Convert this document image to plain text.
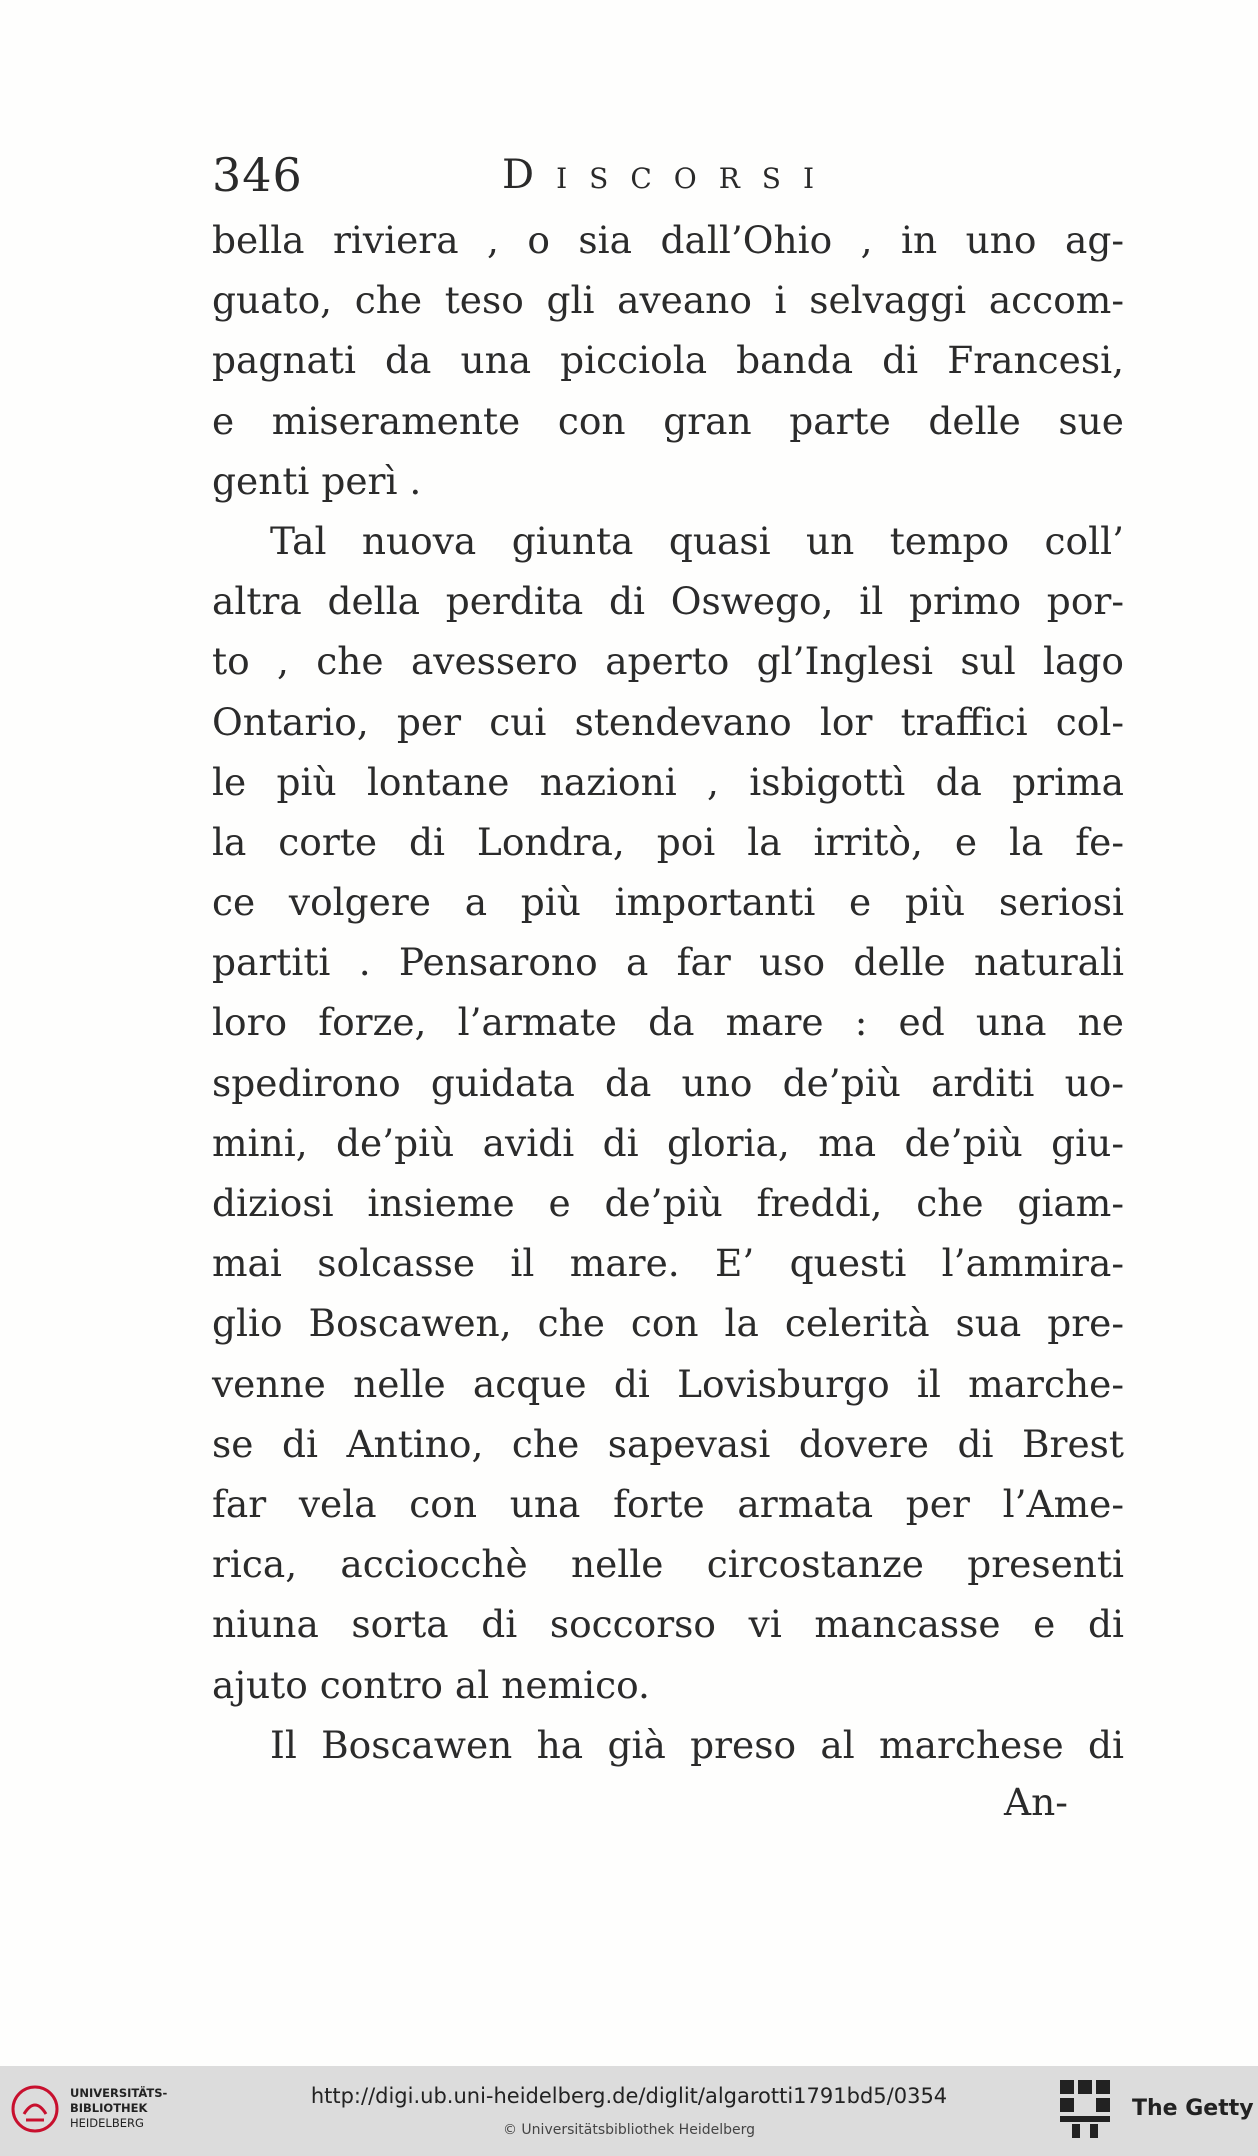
346	Discorsi
bella riviera , o sia dall’Ohio , in uno ag-
guato, che teso gli aveano i selvaggi accom-
pagnati da una picciola banda di Francesi,
e miseramente con gran parte delle sue
genti perì .
Tal nuova giunta quasi un tempo coll’
altra della perdita di Oswego, il primo por-
to , che avessero aperto gl’Inglesi sul lago
Ontario, per cui stendevano lor traffici col-
le più lontane nazioni , isbigottì da prima
la corte di Londra, poi la irritò, e la fe-
ce volgere a più importanti e più seriosi
partiti . Pensarono a far uso delle naturali
loro forze, l’armate da mare : ed una ne
spedirono guidata da uno de’più arditi uo-
mini, de’più avidi di gloria, ma de’più giu-
diziosi insieme e de’più freddi, che giam-
mai solcasse il mare. E’ questi l’ammira-
glio Boscawen, che con la celerità sua pre-
venne nelle acque di Lovisburgo il marche-
se di Antino, che sapevasi dovere di Brest
far vela con una forte armata per l’Ame-
rica, acciocchè nelle circostanze presenti
niuna sorta di soccorso vi mancasse e di
ajuto contro al nemico.
Il Boscawen ha già preso al marchese di
An-
UNIVERSITÄTS-
BIBLIOTHEK
HEIDELBERG
http://digi.ub.uni-heidelberg.de/diglit/algarotti1791bd5/0354
© Universitätsbibliothek Heidelberg
The Getty
